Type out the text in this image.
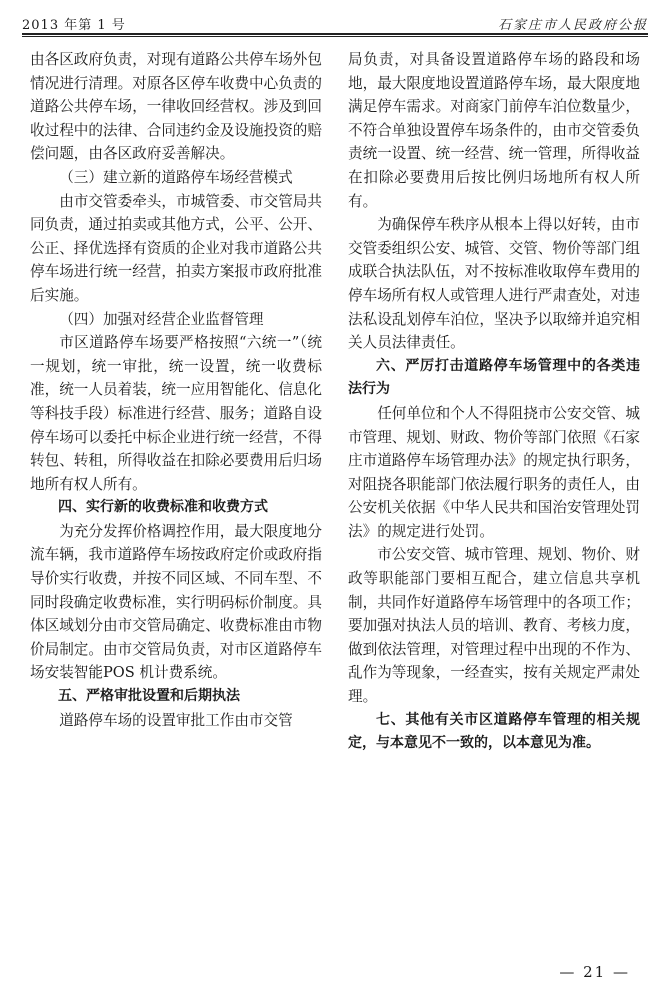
2013 年第 1 号	石家庄市人民政府公报

由各区政府负责，对现有道路公共停车场外包情况进行清理。对原各区停车收费中心负责的道路公共停车场，一律收回经营权。涉及到回收过程中的法律、合同违约金及设施投资的赔偿问题，由各区政府妥善解决。

（三）建立新的道路停车场经营模式

由市交管委牵头，市城管委、市交管局共同负责，通过拍卖或其他方式，公平、公开、公正、择优选择有资质的企业对我市道路公共停车场进行统一经营，拍卖方案报市政府批准后实施。

（四）加强对经营企业监督管理

市区道路停车场要严格按照“六统一”（统一规划，统一审批，统一设置，统一收费标准，统一人员着装，统一应用智能化、信息化等科技手段）标准进行经营、服务；道路自设停车场可以委托中标企业进行统一经营，不得转包、转租，所得收益在扣除必要费用后归场地所有权人所有。

四、实行新的收费标准和收费方式

为充分发挥价格调控作用，最大限度地分流车辆，我市道路停车场按政府定价或政府指导价实行收费，并按不同区域、不同车型、不同时段确定收费标准，实行明码标价制度。具体区域划分由市交管局确定、收费标准由市物价局制定。由市交管局负责，对市区道路停车场安装智能POS 机计费系统。

五、严格审批设置和后期执法

道路停车场的设置审批工作由市交管

局负责，对具备设置道路停车场的路段和场地，最大限度地设置道路停车场，最大限度地满足停车需求。对商家门前停车泊位数量少，不符合单独设置停车场条件的，由市交管委负责统一设置、统一经营、统一管理，所得收益在扣除必要费用后按比例归场地所有权人所有。

为确保停车秩序从根本上得以好转，由市交管委组织公安、城管、交管、物价等部门组成联合执法队伍，对不按标准收取停车费用的停车场所有权人或管理人进行严肃查处，对违法私设乱划停车泊位，坚决予以取缔并追究相关人员法律责任。

六、严厉打击道路停车场管理中的各类违法行为

任何单位和个人不得阻挠市公安交管、城市管理、规划、财政、物价等部门依照《石家庄市道路停车场管理办法》的规定执行职务，对阻挠各职能部门依法履行职务的责任人，由公安机关依据《中华人民共和国治安管理处罚法》的规定进行处罚。

市公安交管、城市管理、规划、物价、财政等职能部门要相互配合，建立信息共享机制，共同作好道路停车场管理中的各项工作；要加强对执法人员的培训、教育、考核力度，做到依法管理，对管理过程中出现的不作为、乱作为等现象，一经查实，按有关规定严肃处理。

七、其他有关市区道路停车管理的相关规定，与本意见不一致的，以本意见为准。

— 21 —
